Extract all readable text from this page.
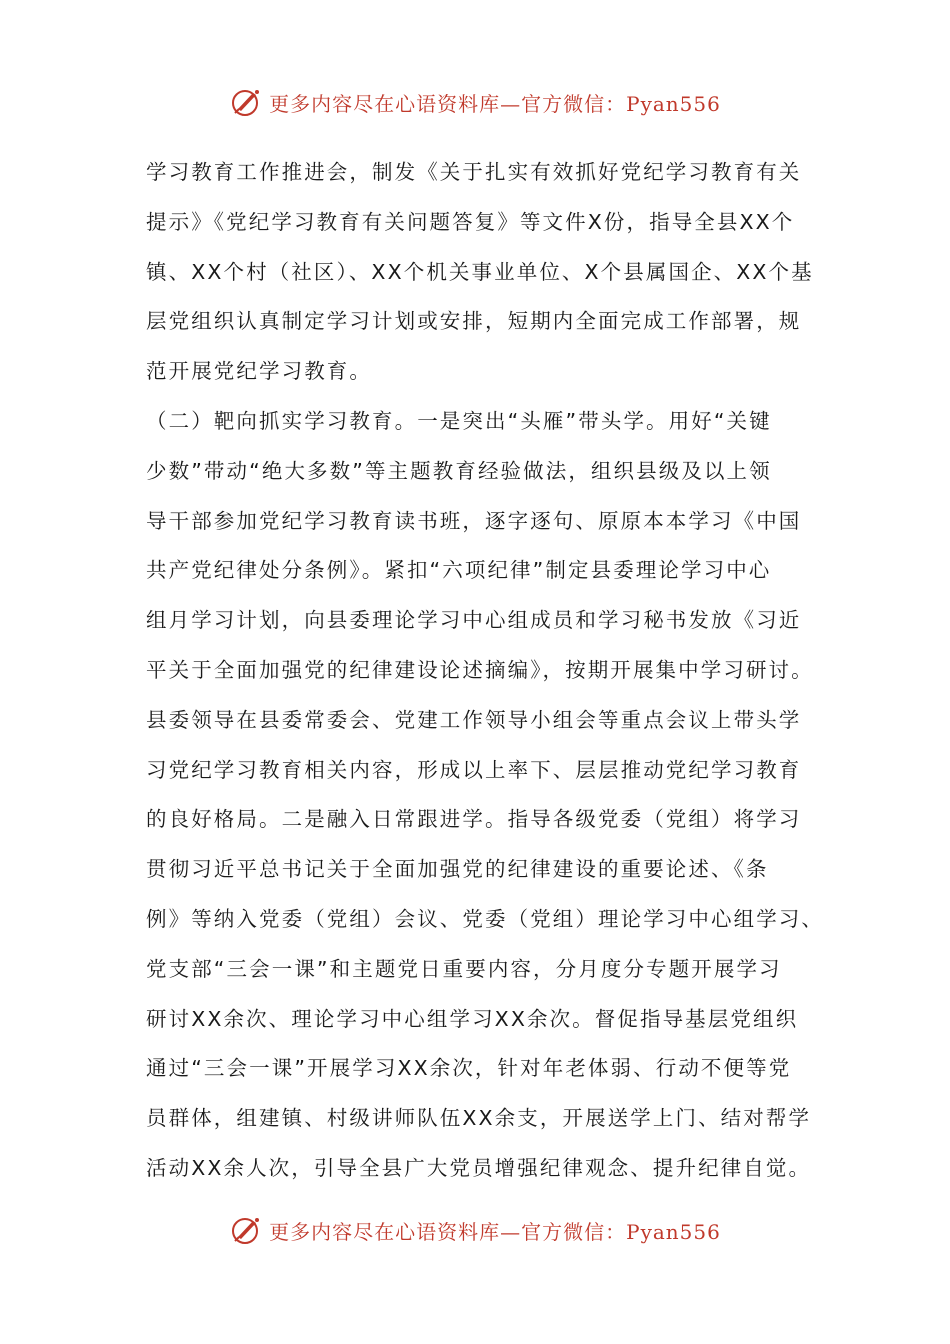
更多内容尽在心语资料库—官方微信：Pyan556
学习教育工作推进会，制发《关于扎实有效抓好党纪学习教育有关
提示》《党纪学习教育有关问题答复》等文件X份，指导全县XX个
镇、XX个村（社区）、XX个机关事业单位、X个县属国企、XX个基
层党组织认真制定学习计划或安排，短期内全面完成工作部署，规
范开展党纪学习教育。
（二）靶向抓实学习教育。一是突出“头雁”带头学。用好“关键
少数”带动“绝大多数”等主题教育经验做法，组织县级及以上领
导干部参加党纪学习教育读书班，逐字逐句、原原本本学习《中国
共产党纪律处分条例》。紧扣“六项纪律”制定县委理论学习中心
组月学习计划，向县委理论学习中心组成员和学习秘书发放《习近
平关于全面加强党的纪律建设论述摘编》，按期开展集中学习研讨。
县委领导在县委常委会、党建工作领导小组会等重点会议上带头学
习党纪学习教育相关内容，形成以上率下、层层推动党纪学习教育
的良好格局。二是融入日常跟进学。指导各级党委（党组）将学习
贯彻习近平总书记关于全面加强党的纪律建设的重要论述、《条
例》等纳入党委（党组）会议、党委（党组）理论学习中心组学习、
党支部“三会一课”和主题党日重要内容，分月度分专题开展学习
研讨XX余次、理论学习中心组学习XX余次。督促指导基层党组织
通过“三会一课”开展学习XX余次，针对年老体弱、行动不便等党
员群体，组建镇、村级讲师队伍XX余支，开展送学上门、结对帮学
活动XX余人次，引导全县广大党员增强纪律观念、提升纪律自觉。
更多内容尽在心语资料库—官方微信：Pyan556
